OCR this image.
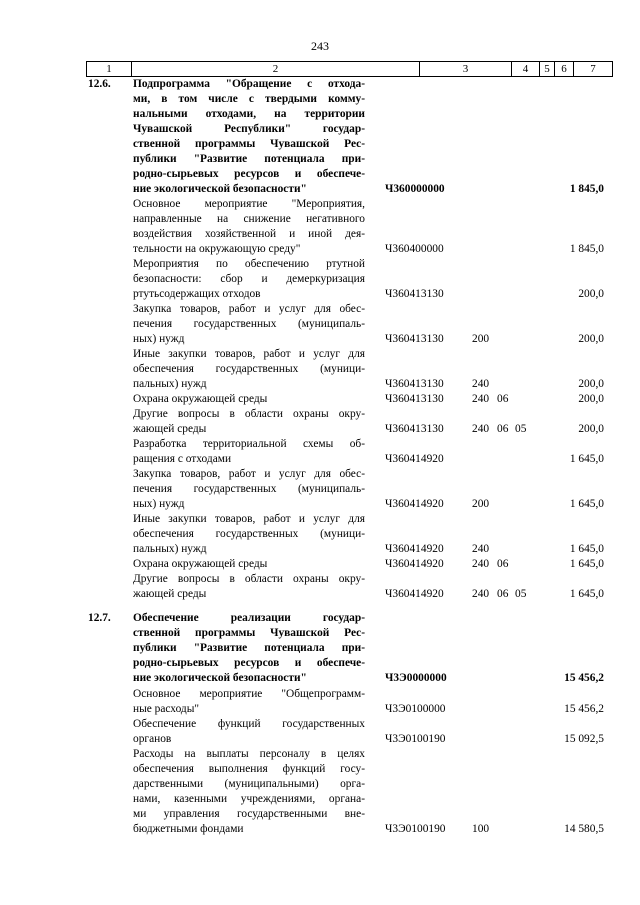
243
1	2	3	4	5	6	7
12.6. Подпрограмма "Обращение с отхода-
ми, в том числе с твердыми комму-
нальными отходами, на территории
Чувашской Республики" государ-
ственной программы Чувашской Рес-
публики "Развитие потенциала при-
родно-сырьевых ресурсов и обеспече-
ние экологической безопасности"	Ч360000000	1 845,0
Основное мероприятие "Мероприятия,
направленные на снижение негативного
воздействия хозяйственной и иной дея-
тельности на окружающую среду"	Ч360400000	1 845,0
Мероприятия по обеспечению ртутной
безопасности: сбор и демеркуризация
ртутьсодержащих отходов	Ч360413130	200,0
Закупка товаров, работ и услуг для обес-
печения государственных (муниципаль-
ных) нужд	Ч360413130 200	200,0
Иные закупки товаров, работ и услуг для
обеспечения государственных (муници-
пальных) нужд	Ч360413130 240	200,0
Охрана окружающей среды	Ч360413130 240 06	200,0
Другие вопросы в области охраны окру-
жающей среды	Ч360413130 240 06 05	200,0
Разработка территориальной схемы об-
ращения с отходами	Ч360414920	1 645,0
Закупка товаров, работ и услуг для обес-
печения государственных (муниципаль-
ных) нужд	Ч360414920 200	1 645,0
Иные закупки товаров, работ и услуг для
обеспечения государственных (муници-
пальных) нужд	Ч360414920 240	1 645,0
Охрана окружающей среды	Ч360414920 240 06	1 645,0
Другие вопросы в области охраны окру-
жающей среды	Ч360414920 240 06 05	1 645,0
12.7. Обеспечение реализации государ-
ственной программы Чувашской Рес-
публики "Развитие потенциала при-
родно-сырьевых ресурсов и обеспече-
ние экологической безопасности"	Ч3Э0000000	15 456,2
Основное мероприятие "Общепрограмм-
ные расходы"	Ч3Э0100000	15 456,2
Обеспечение функций государственных
органов	Ч3Э0100190	15 092,5
Расходы на выплаты персоналу в целях
обеспечения выполнения функций госу-
дарственными (муниципальными) орга-
нами, казенными учреждениями, органа-
ми управления государственными вне-
бюджетными фондами	Ч3Э0100190 100	14 580,5
